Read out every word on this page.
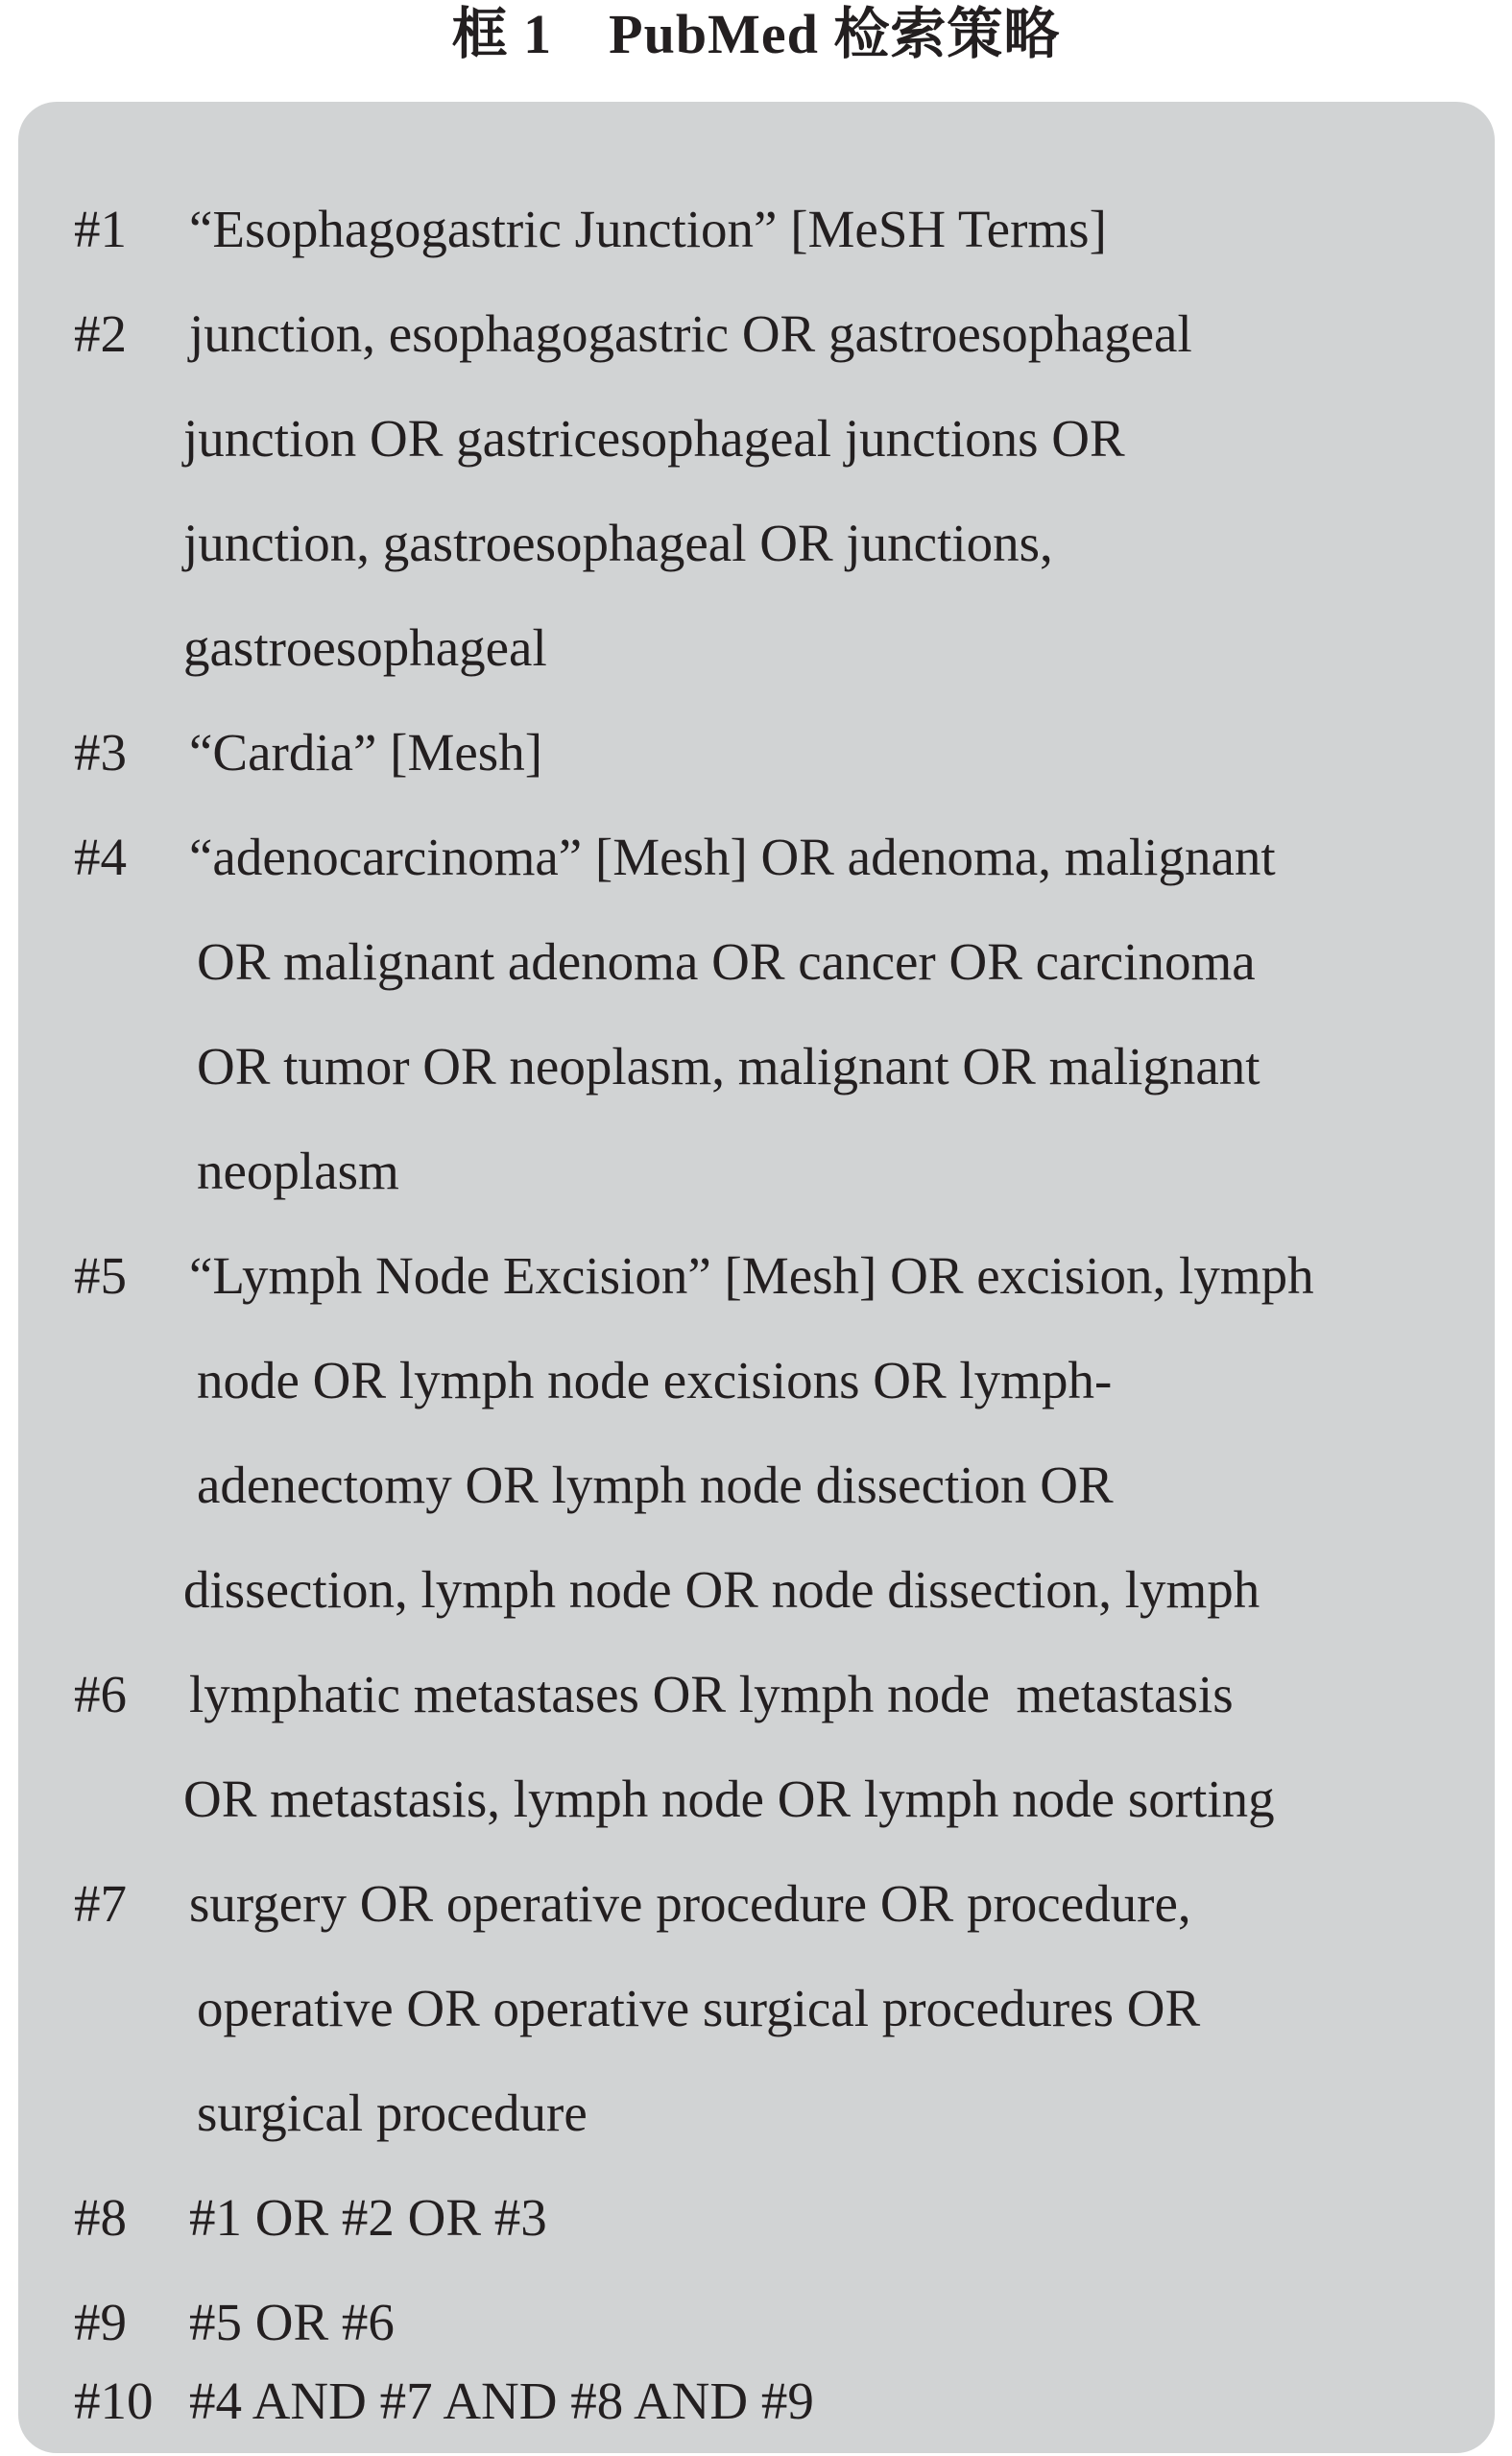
框 1 PubMed 检索策略
#1 “Esophagogastric Junction” [MeSH Terms]
#2 junction, esophagogastric OR gastroesophageal
junction OR gastricesophageal junctions OR
junction, gastroesophageal OR junctions,
gastroesophageal
#3 “Cardia” [Mesh]
#4 “adenocarcinoma” [Mesh] OR adenoma, malignant
OR malignant adenoma OR cancer OR carcinoma
OR tumor OR neoplasm, malignant OR malignant
neoplasm
#5 “Lymph Node Excision” [Mesh] OR excision, lymph
node OR lymph node excisions OR lymph-
adenectomy OR lymph node dissection OR
dissection, lymph node OR node dissection, lymph
#6 lymphatic metastases OR lymph node  metastasis
OR metastasis, lymph node OR lymph node sorting
#7 surgery OR operative procedure OR procedure,
operative OR operative surgical procedures OR
surgical procedure
#8 #1 OR #2 OR #3
#9 #5 OR #6
#10 #4 AND #7 AND #8 AND #9
